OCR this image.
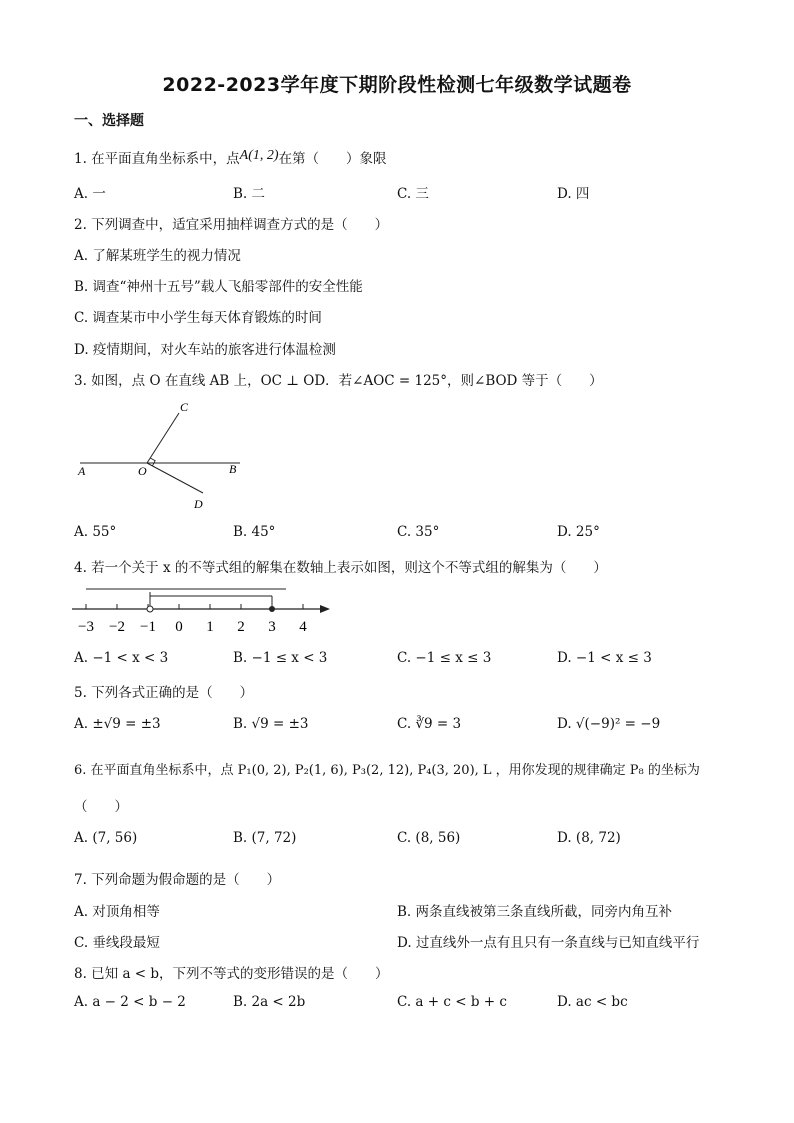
2022-2023学年度下期阶段性检测七年级数学试题卷
一、选择题
1. 在平面直角坐标系中，点A(1, 2)在第（　　）象限
A. 一	B. 二	C. 三	D. 四
2. 下列调查中，适宜采用抽样调查方式的是（　　）
A. 了解某班学生的视力情况
B. 调查“神州十五号”载人飞船零部件的安全性能
C. 调查某市中小学生每天体育锻炼的时间
D. 疫情期间，对火车站的旅客进行体温检测
3. 如图，点 O 在直线 AB 上，OC ⊥ OD．若∠AOC = 125°，则∠BOD 等于（　　）
A	B
C
D
O
A. 55°	B. 45°	C. 35°	D. 25°
4. 若一个关于 x 的不等式组的解集在数轴上表示如图，则这个不等式组的解集为（　　）
−3 −2 −1 0 1 2 3 4
A. −1 < x < 3	B. −1 ≤ x < 3	C. −1 ≤ x ≤ 3	D. −1 < x ≤ 3
5. 下列各式正确的是（　　）
A. ±√9 = ±3	B. √9 = ±3	C. ∛9 = 3	D. √(−9)² = −9
6. 在平面直角坐标系中，点 P₁(0, 2), P₂(1, 6), P₃(2, 12), P₄(3, 20), L ，用你发现的规律确定 P₈ 的坐标为
（　　）
A. (7, 56)	B. (7, 72)	C. (8, 56)	D. (8, 72)
7. 下列命题为假命题的是（　　）
A. 对顶角相等	B. 两条直线被第三条直线所截，同旁内角互补
C. 垂线段最短	D. 过直线外一点有且只有一条直线与已知直线平行
8. 已知 a < b，下列不等式的变形错误的是（　　）
A. a − 2 < b − 2	B. 2a < 2b	C. a + c < b + c	D. ac < bc
